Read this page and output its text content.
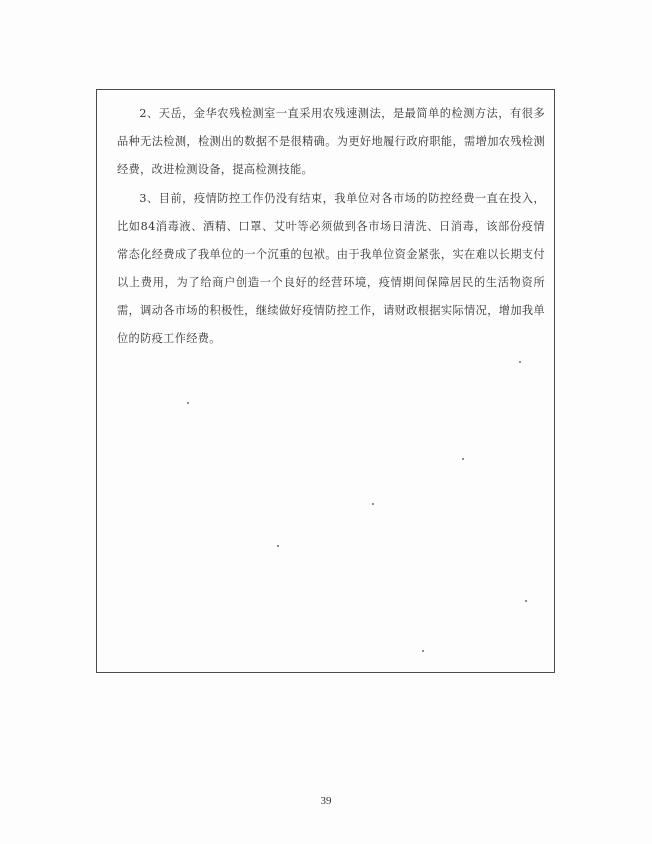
2、天岳，金华农残检测室一直采用农残速测法，是最简单的检测方法，有很多品种无法检测，检测出的数据不是很精确。为更好地履行政府职能，需增加农残检测经费，改进检测设备，提高检测技能。

3、目前，疫情防控工作仍没有结束，我单位对各市场的防控经费一直在投入，比如84消毒液、酒精、口罩、艾叶等必须做到各市场日清洗、日消毒，该部份疫情常态化经费成了我单位的一个沉重的包袱。由于我单位资金紧张，实在难以长期支付以上费用，为了给商户创造一个良好的经营环境，疫情期间保障居民的生活物资所需，调动各市场的积极性，继续做好疫情防控工作，请财政根据实际情况，增加我单位的防疫工作经费。

39
